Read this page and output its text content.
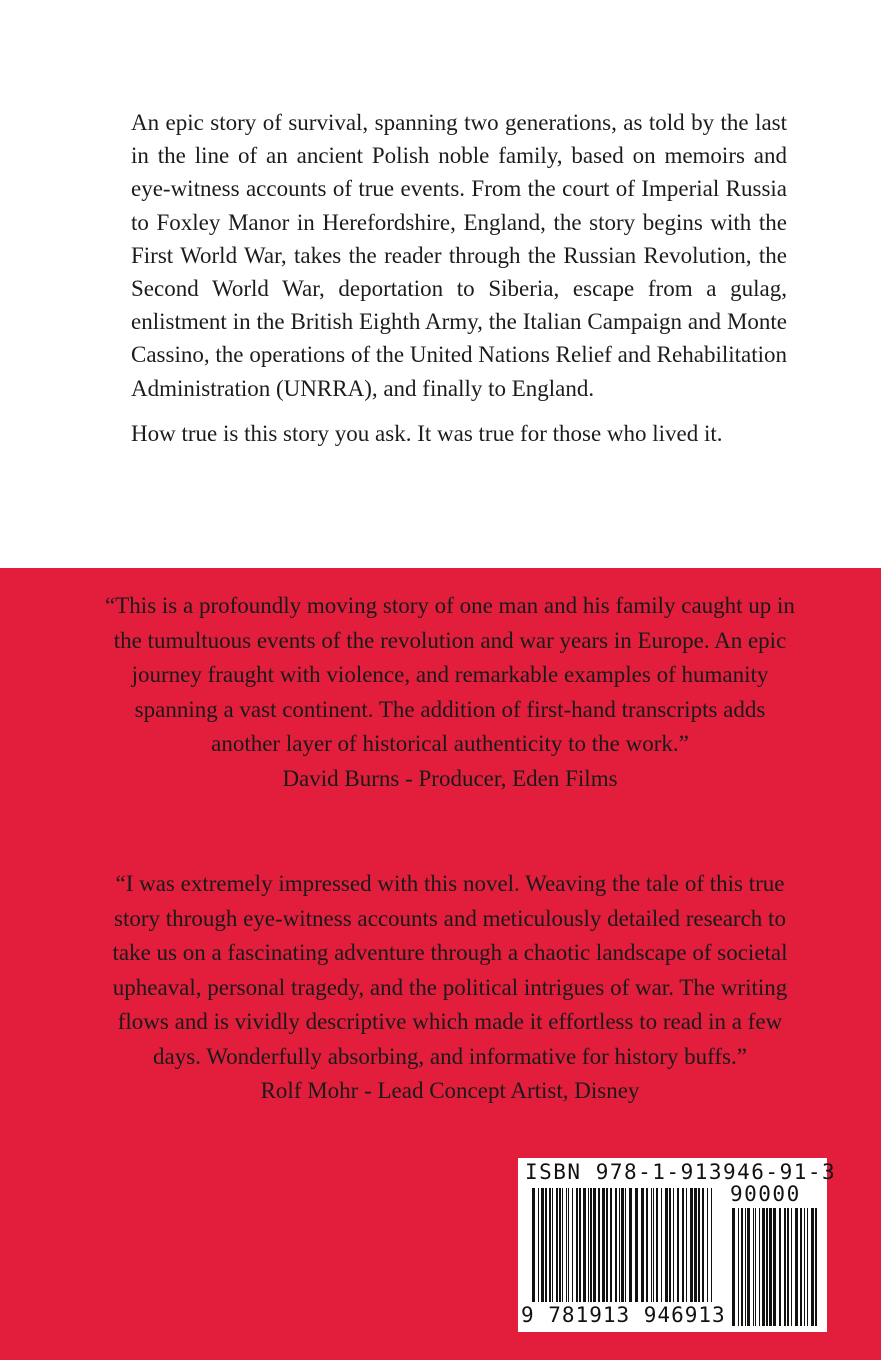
An epic story of survival, spanning two generations, as told by the last in the line of an ancient Polish noble family, based on memoirs and eye-witness accounts of true events. From the court of Imperial Russia to Foxley Manor in Herefordshire, England, the story begins with the First World War, takes the reader through the Russian Revolution, the Second World War, deportation to Siberia, escape from a gulag, enlistment in the British Eighth Army, the Italian Campaign and Monte Cassino, the operations of the United Nations Relief and Rehabilitation Administration (UNRRA), and finally to England.

How true is this story you ask. It was true for those who lived it.

“This is a profoundly moving story of one man and his family caught up in the tumultuous events of the revolution and war years in Europe. An epic journey fraught with violence, and remarkable examples of humanity spanning a vast continent. The addition of first-hand transcripts adds another layer of historical authenticity to the work.”
David Burns - Producer, Eden Films
“I was extremely impressed with this novel. Weaving the tale of this true story through eye-witness accounts and meticulously detailed research to take us on a fascinating adventure through a chaotic landscape of societal upheaval, personal tragedy, and the political intrigues of war. The writing flows and is vividly descriptive which made it effortless to read in a few days. Wonderfully absorbing, and informative for history buffs.”
Rolf Mohr - Lead Concept Artist, Disney
ISBN 978-1-913946-91-3
90000
9 781913 946913
